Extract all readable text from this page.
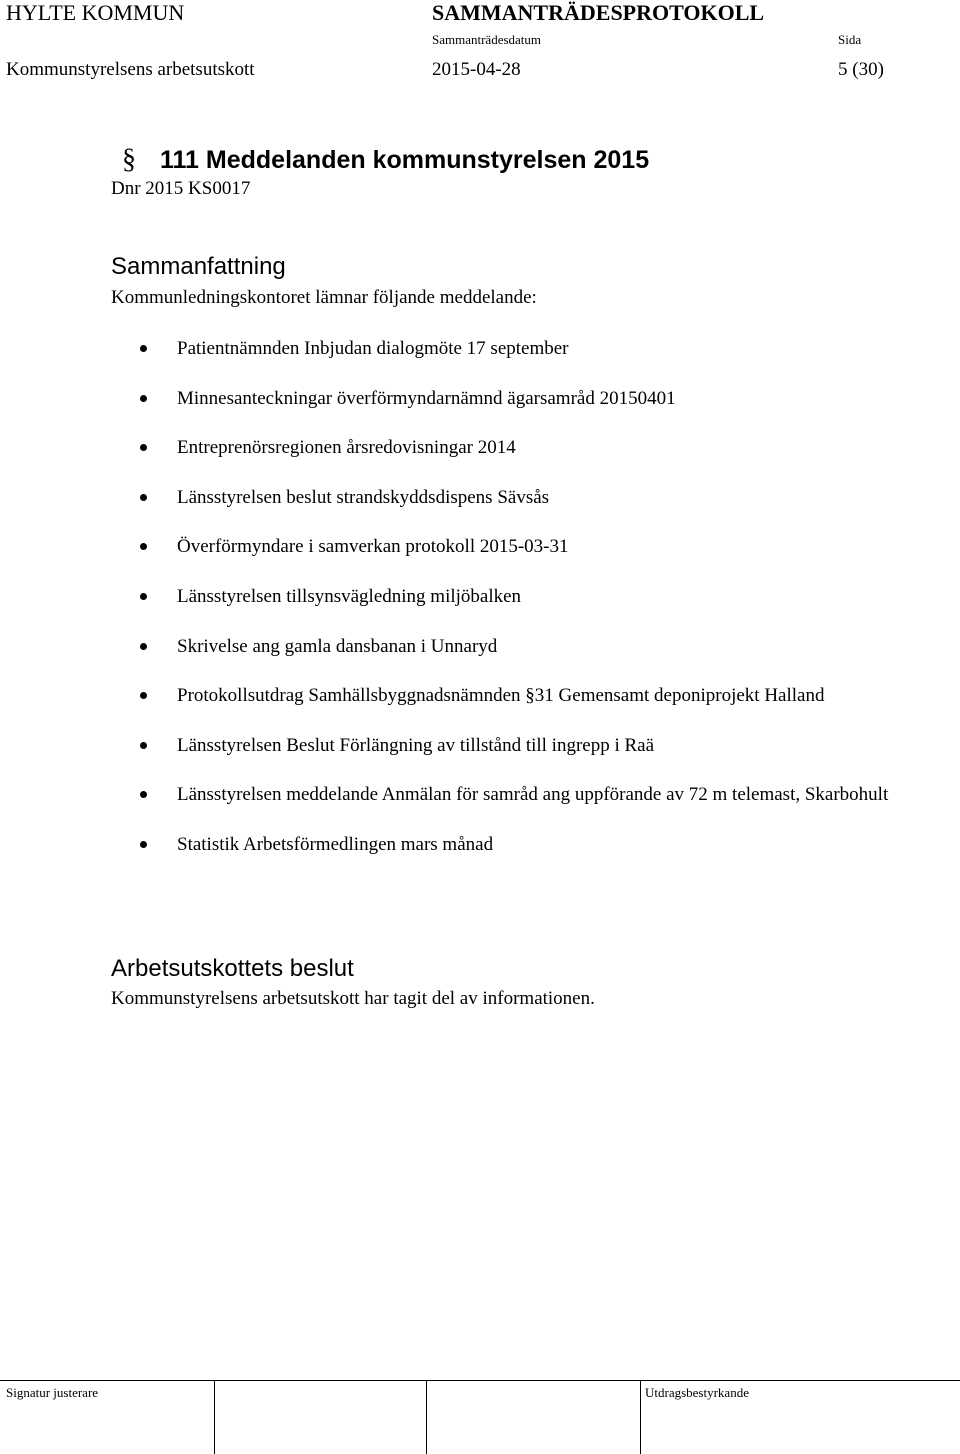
HYLTE KOMMUN	SAMMANTRÄDESPROTOKOLL
Sammanträdesdatum	Sida
Kommunstyrelsens arbetsutskott	2015-04-28	5 (30)
§ 111 Meddelanden kommunstyrelsen 2015
Dnr 2015 KS0017
Sammanfattning
Kommunledningskontoret lämnar följande meddelande:
Patientnämnden Inbjudan dialogmöte 17 september
Minnesanteckningar överförmyndarnämnd ägarsamråd 20150401
Entreprenörsregionen årsredovisningar 2014
Länsstyrelsen beslut strandskyddsdispens Sävsås
Överförmyndare i samverkan protokoll 2015-03-31
Länsstyrelsen tillsynsvägledning miljöbalken
Skrivelse ang gamla dansbanan i Unnaryd
Protokollsutdrag Samhällsbyggnadsnämnden §31 Gemensamt deponiprojekt Halland
Länsstyrelsen Beslut Förlängning av tillstånd till ingrepp i Raä
Länsstyrelsen meddelande Anmälan för samråd ang uppförande av 72 m telemast, Skarbohult
Statistik Arbetsförmedlingen mars månad
Arbetsutskottets beslut
Kommunstyrelsens arbetsutskott har tagit del av informationen.
Signatur justerare	Utdragsbestyrkande
